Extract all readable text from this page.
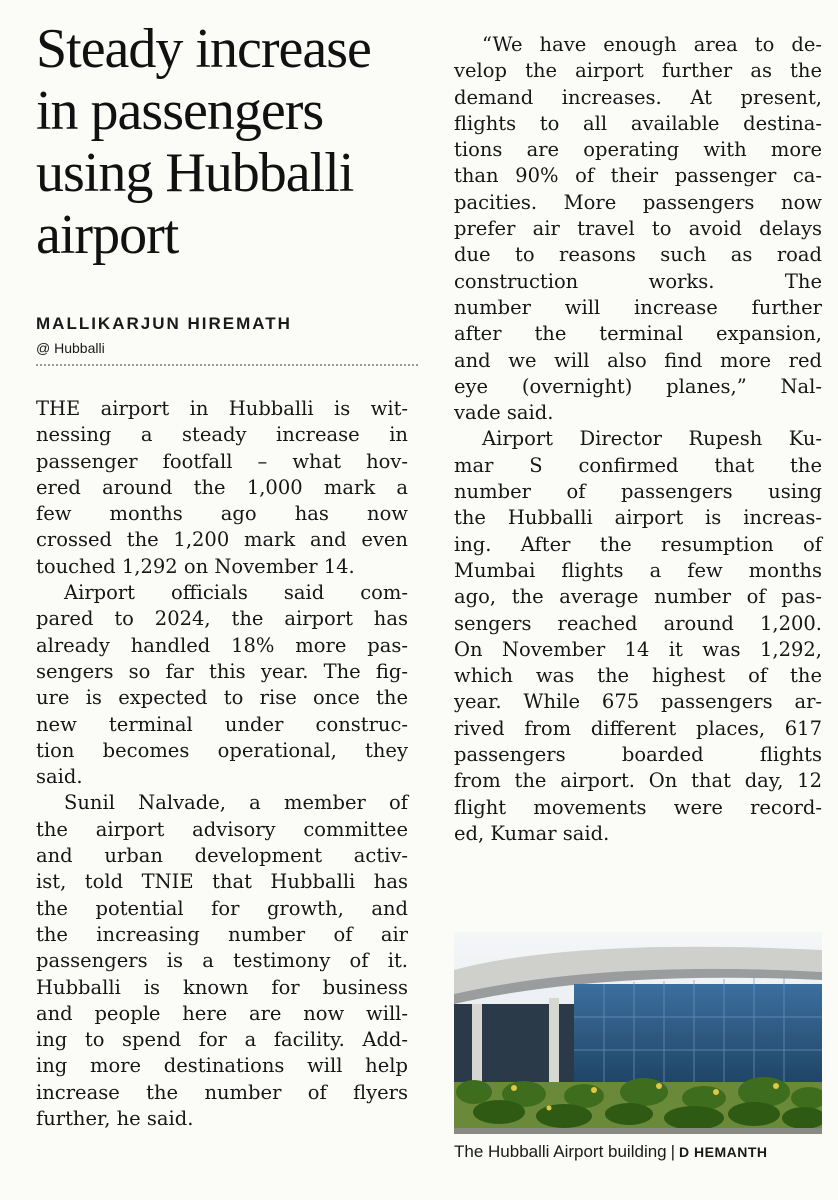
Steady increase
in passengers
using Hubballi
airport
MALLIKARJUN HIREMATH
@ Hubballi
THE airport in Hubballi is wit-
nessing a steady increase in
passenger footfall – what hov-
ered around the 1,000 mark a
few months ago has now
crossed the 1,200 mark and even
touched 1,292 on November 14.
Airport officials said com-
pared to 2024, the airport has
already handled 18% more pas-
sengers so far this year. The fig-
ure is expected to rise once the
new terminal under construc-
tion becomes operational, they
said.
Sunil Nalvade, a member of
the airport advisory committee
and urban development activ-
ist, told TNIE that Hubballi has
the potential for growth, and
the increasing number of air
passengers is a testimony of it.
Hubballi is known for business
and people here are now will-
ing to spend for a facility. Add-
ing more destinations will help
increase the number of flyers
further, he said.
“We have enough area to de-
velop the airport further as the
demand increases. At present,
flights to all available destina-
tions are operating with more
than 90% of their passenger ca-
pacities. More passengers now
prefer air travel to avoid delays
due to reasons such as road
construction works. The
number will increase further
after the terminal expansion,
and we will also find more red
eye (overnight) planes,” Nal-
vade said.
Airport Director Rupesh Ku-
mar S confirmed that the
number of passengers using
the Hubballi airport is increas-
ing. After the resumption of
Mumbai flights a few months
ago, the average number of pas-
sengers reached around 1,200.
On November 14 it was 1,292,
which was the highest of the
year. While 675 passengers ar-
rived from different places, 617
passengers boarded flights
from the airport. On that day, 12
flight movements were record-
ed, Kumar said.
The Hubballi Airport building | D HEMANTH
